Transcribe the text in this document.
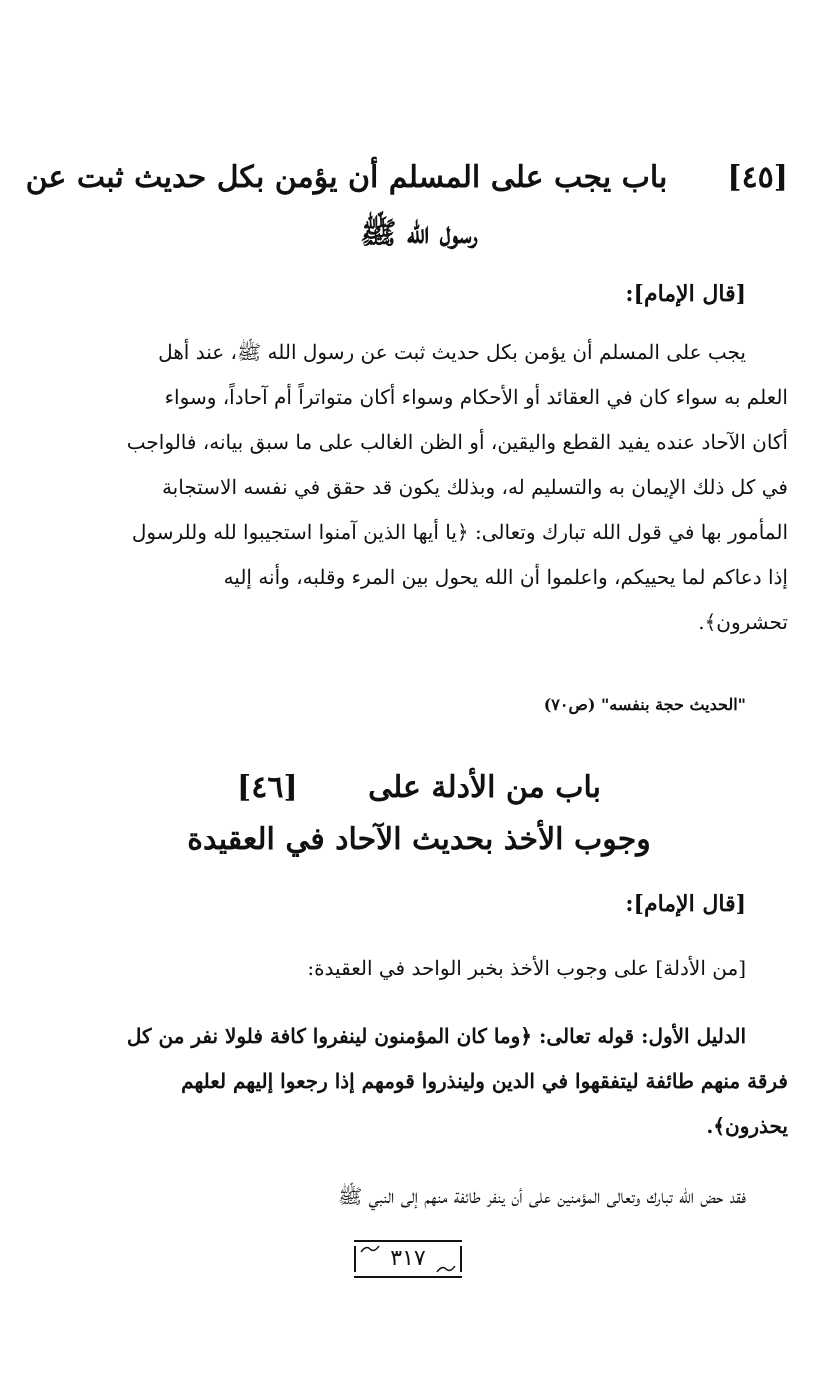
[٤٥]باب يجب على المسلم أن يؤمن بكل حديث ثبت عن
رسول الله ﷺ
[قال الإمام]:
يجب على المسلم أن يؤمن بكل حديث ثبت عن رسول الله ﷺ، عند أهل
العلم به سواء كان في العقائد أو الأحكام وسواء أكان متواتراً أم آحاداً، وسواء
أكان الآحاد عنده يفيد القطع واليقين، أو الظن الغالب على ما سبق بيانه، فالواجب
في كل ذلك الإيمان به والتسليم له، وبذلك يكون قد حقق في نفسه الاستجابة
المأمور بها في قول الله تبارك وتعالى: ﴿يا أيها الذين آمنوا استجيبوا لله وللرسول
إذا دعاكم لما يحييكم، واعلموا أن الله يحول بين المرء وقلبه، وأنه إليه
تحشرون﴾.
"الحديث حجة بنفسه" (ص٧٠)
باب من الأدلة على [٤٦]
وجوب الأخذ بحديث الآحاد في العقيدة
[قال الإمام]:
[من الأدلة] على وجوب الأخذ بخبر الواحد في العقيدة:
الدليل الأول: قوله تعالى: ﴿وما كان المؤمنون لينفروا كافة فلولا نفر من كل
فرقة منهم طائفة ليتفقهوا في الدين ولينذروا قومهم إذا رجعوا إليهم لعلهم
يحذرون﴾.
فقد حض الله تبارك وتعالى المؤمنين على أن ينفر طائفة منهم إلى النبي ﷺ
٣١٧
